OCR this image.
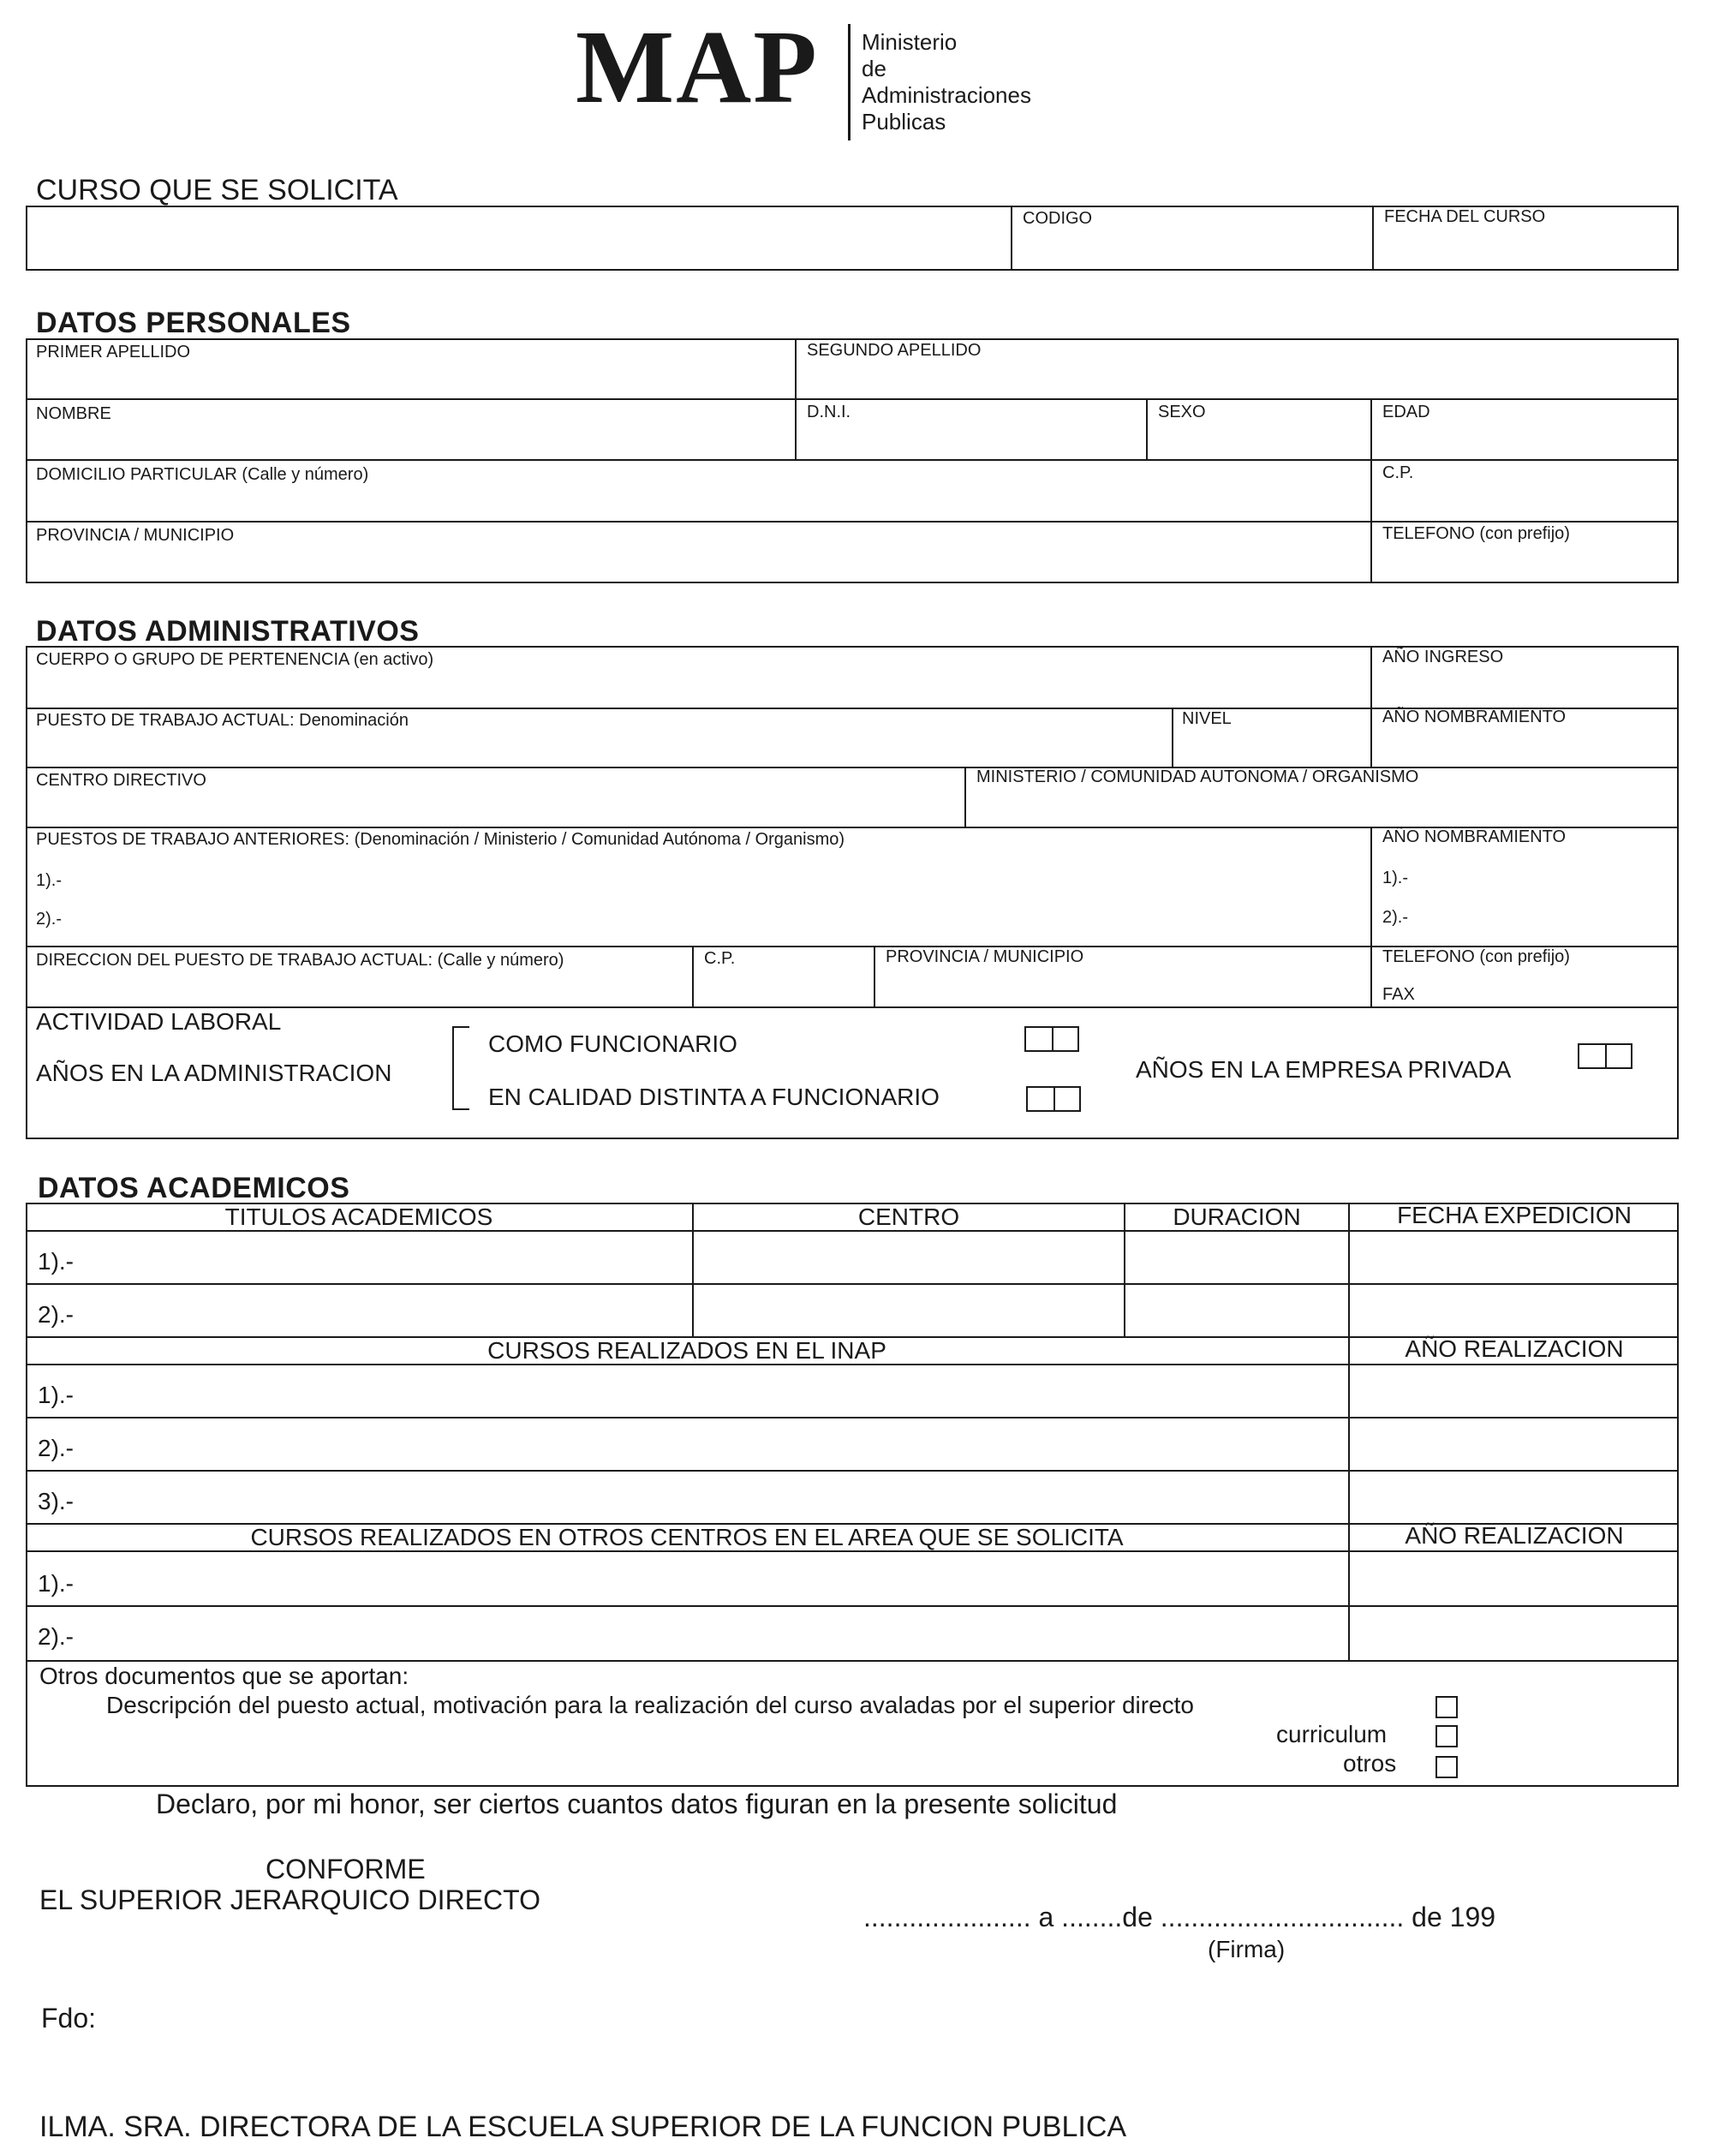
MAP Ministerio
de
Administraciones
Publicas
CURSO QUE SE SOLICITA
CODIGO	FECHA DEL CURSO
DATOS PERSONALES
PRIMER APELLIDO	SEGUNDO APELLIDO
NOMBRE	D.N.I.	SEXO	EDAD
DOMICILIO PARTICULAR (Calle y número)	C.P.
PROVINCIA / MUNICIPIO	TELEFONO (con prefijo)
DATOS ADMINISTRATIVOS
CUERPO O GRUPO DE PERTENENCIA (en activo)	AÑO INGRESO
PUESTO DE TRABAJO ACTUAL: Denominación	NIVEL	AÑO NOMBRAMIENTO
CENTRO DIRECTIVO	MINISTERIO / COMUNIDAD AUTONOMA / ORGANISMO
PUESTOS DE TRABAJO ANTERIORES: (Denominación / Ministerio / Comunidad Autónoma / Organismo)	AÑO NOMBRAMIENTO
1).-
2).-
1).-
2).-
DIRECCION DEL PUESTO DE TRABAJO ACTUAL: (Calle y número)	C.P.	PROVINCIA / MUNICIPIO	TELEFONO (con prefijo)
FAX
ACTIVIDAD LABORAL
AÑOS EN LA ADMINISTRACION
COMO FUNCIONARIO
EN CALIDAD DISTINTA A FUNCIONARIO
AÑOS EN LA EMPRESA PRIVADA
DATOS ACADEMICOS
TITULOS ACADEMICOS	CENTRO	DURACION	FECHA EXPEDICION
1).-
2).-
CURSOS REALIZADOS EN EL INAP	AÑO REALIZACION
1).-
2).-
3).-
CURSOS REALIZADOS EN OTROS CENTROS EN EL AREA QUE SE SOLICITA	AÑO REALIZACION
1).-
2).-
Otros documentos que se aportan:
Descripción del puesto actual, motivación para la realización del curso avaladas por el superior directo
curriculum
otros
Declaro, por mi honor, ser ciertos cuantos datos figuran en la presente solicitud
CONFORME
EL SUPERIOR JERARQUICO DIRECTO
...................... a ........de ................................ de 199
(Firma)
Fdo:
ILMA. SRA. DIRECTORA DE LA ESCUELA SUPERIOR DE LA FUNCION PUBLICA
